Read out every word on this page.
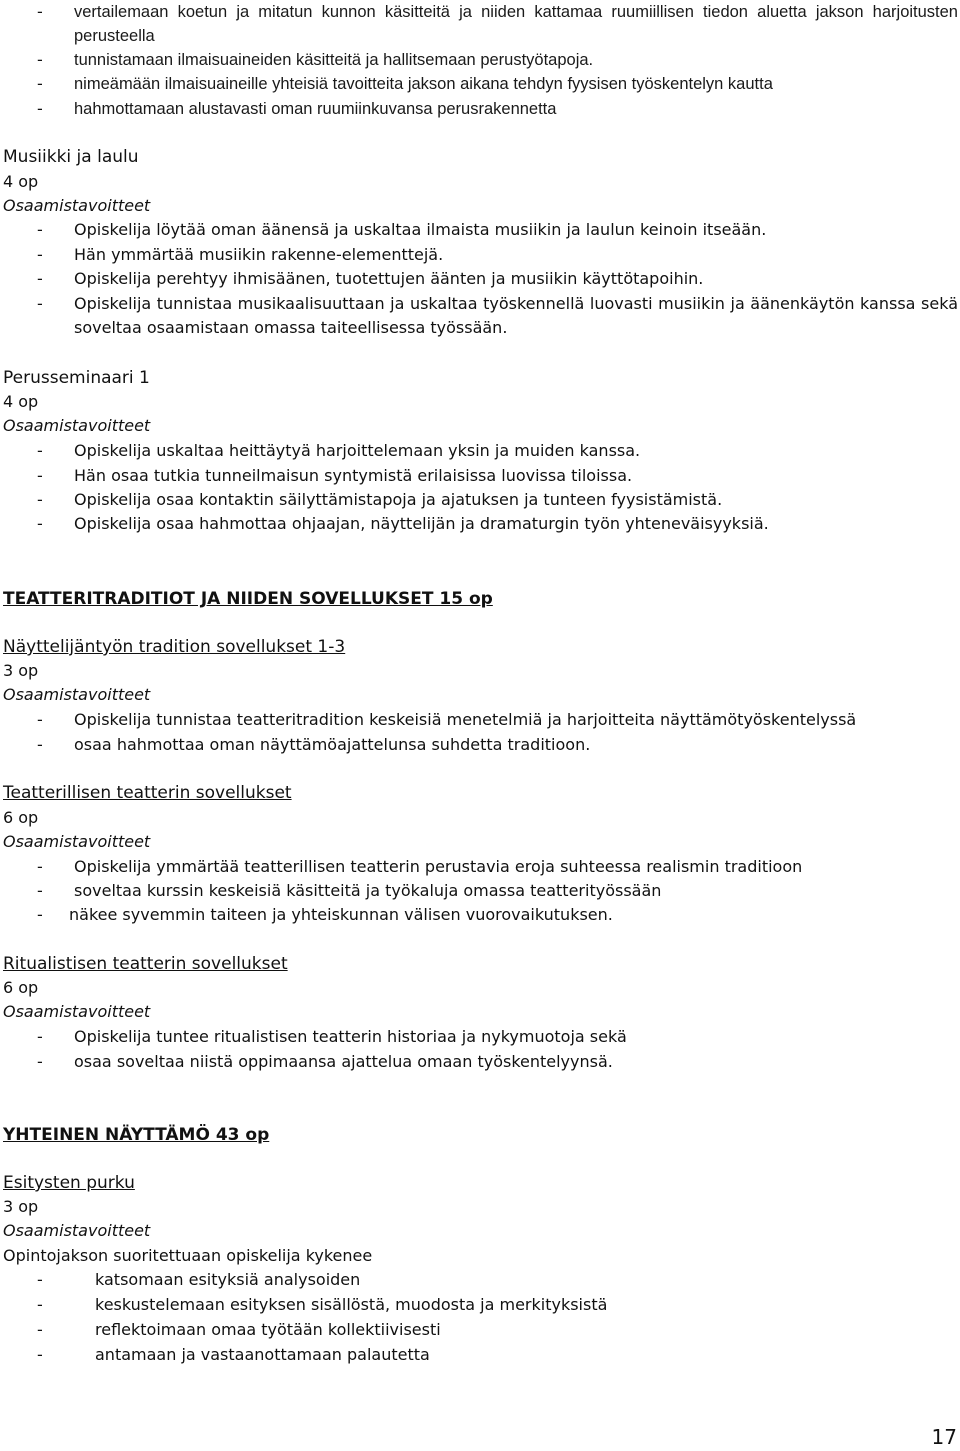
-	vertailemaan koetun ja mitatun kunnon käsitteitä ja niiden kattamaa ruumiillisen tiedon aluetta jakson harjoitusten perusteella
-	tunnistamaan ilmaisuaineiden käsitteitä ja hallitsemaan perustyötapoja.
-	nimeämään ilmaisuaineille yhteisiä tavoitteita jakson aikana tehdyn fyysisen työskentelyn kautta
-	hahmottamaan alustavasti oman ruumiinkuvansa perusrakennetta
Musiikki ja laulu
4 op
Osaamistavoitteet
-	Opiskelija löytää oman äänensä ja uskaltaa ilmaista musiikin ja laulun keinoin itseään.
-	Hän ymmärtää musiikin rakenne-elementtejä.
-	Opiskelija perehtyy ihmisäänen, tuotettujen äänten ja musiikin käyttötapoihin.
-	Opiskelija tunnistaa musikaalisuuttaan ja uskaltaa työskennellä luovasti musiikin ja äänenkäytön kanssa sekä soveltaa osaamistaan omassa taiteellisessa työssään.
Perusseminaari 1
4 op
Osaamistavoitteet
-	Opiskelija uskaltaa heittäytyä harjoittelemaan yksin ja muiden kanssa.
-	Hän osaa tutkia tunneilmaisun syntymistä erilaisissa luovissa tiloissa.
-	Opiskelija osaa kontaktin säilyttämistapoja ja ajatuksen ja tunteen fyysistämistä.
-	Opiskelija osaa hahmottaa ohjaajan, näyttelijän ja dramaturgin työn yhteneväisyyksiä.
TEATTERITRADITIOT JA NIIDEN SOVELLUKSET 15 op
Näyttelijäntyön tradition sovellukset 1-3
3 op
Osaamistavoitteet
-	Opiskelija tunnistaa teatteritradition keskeisiä menetelmiä ja harjoitteita näyttämötyöskentelyssä
-	osaa hahmottaa oman näyttämöajattelunsa suhdetta traditioon.
Teatterillisen teatterin sovellukset
6 op
Osaamistavoitteet
-	Opiskelija ymmärtää teatterillisen teatterin perustavia eroja suhteessa realismin traditioon
-	soveltaa kurssin keskeisiä käsitteitä ja työkaluja omassa teatterityössään
-	näkee syvemmin taiteen ja yhteiskunnan välisen vuorovaikutuksen.
Ritualistisen teatterin sovellukset
6 op
Osaamistavoitteet
-	Opiskelija tuntee ritualistisen teatterin historiaa ja nykymuotoja sekä
-	osaa soveltaa niistä oppimaansa ajattelua omaan työskentelyynsä.
YHTEINEN NÄYTTÄMÖ 43 op
Esitysten purku
3 op
Osaamistavoitteet
Opintojakson suoritettuaan opiskelija kykenee
-	katsomaan esityksiä analysoiden
-	keskustelemaan esityksen sisällöstä, muodosta ja merkityksistä
-	reflektoimaan omaa työtään kollektiivisesti
-	antamaan ja vastaanottamaan palautetta
17
